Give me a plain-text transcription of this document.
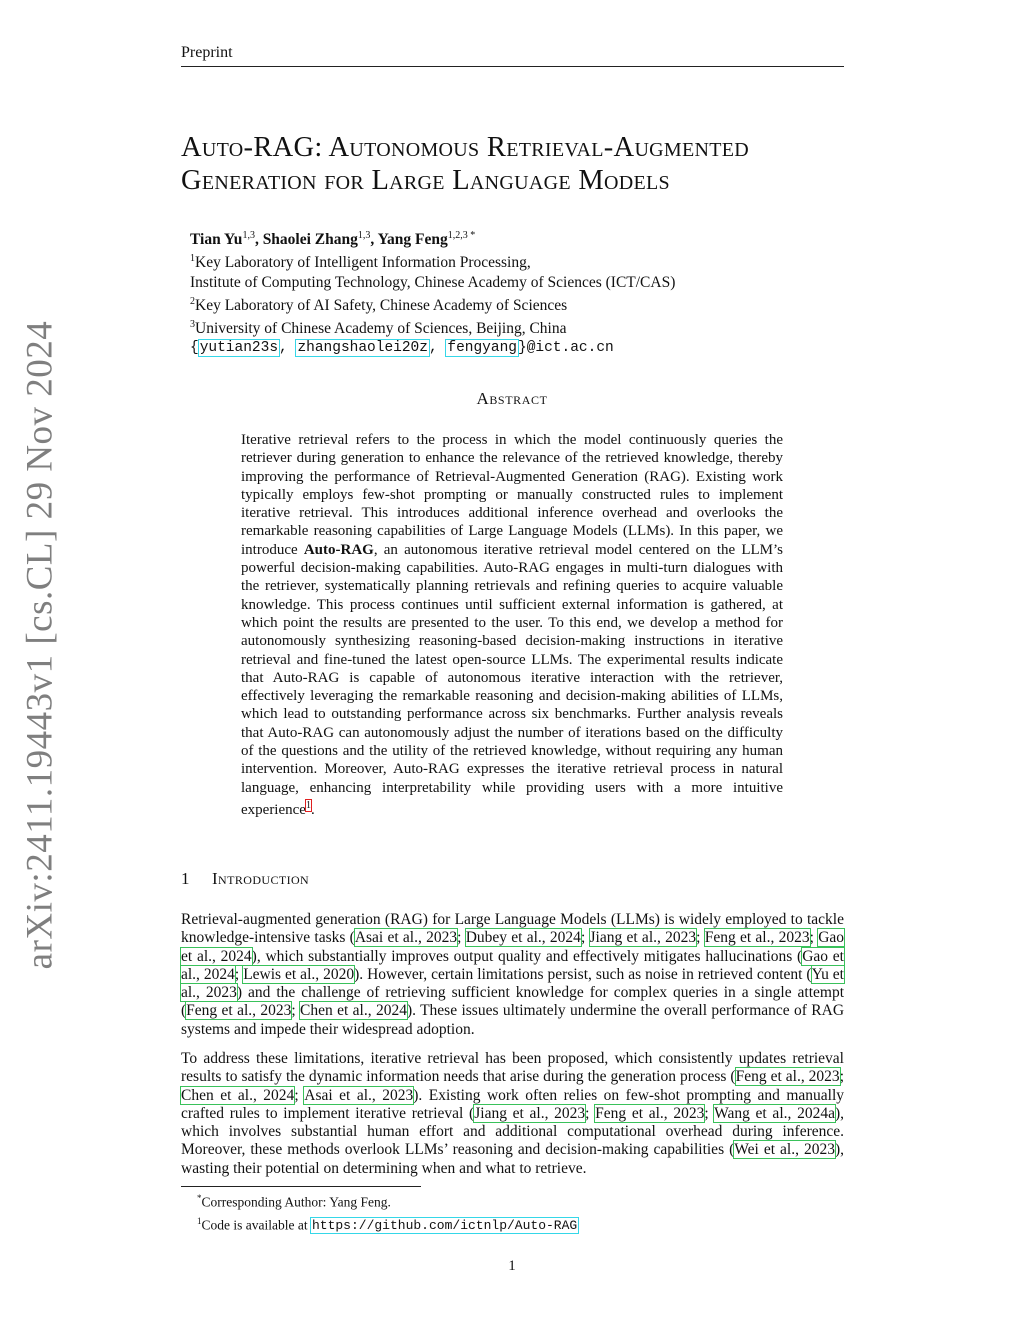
Preprint
arXiv:2411.19443v1 [cs.CL] 29 Nov 2024
Auto-RAG: Autonomous Retrieval-Augmented
Generation for Large Language Models
Tian Yu$^{1,3}$, Shaolei Zhang$^{1,3}$, Yang Feng$^{1,2,3 *}$
$^1$Key Laboratory of Intelligent Information Processing,
Institute of Computing Technology, Chinese Academy of Sciences (ICT/CAS)
$^2$Key Laboratory of AI Safety, Chinese Academy of Sciences
$^3$University of Chinese Academy of Sciences, Beijing, China
{yutian23s, zhangshaolei20z, fengyang}@ict.ac.cn
Abstract
Iterative retrieval refers to the process in which the model continuously queries the retriever during generation to enhance the relevance of the retrieved knowledge, thereby improving the performance of Retrieval-Augmented Generation (RAG). Existing work typically employs few-shot prompting or manually constructed rules to implement iterative retrieval. This introduces additional inference overhead and overlooks the remarkable reasoning capabilities of Large Language Models (LLMs). In this paper, we introduce Auto-RAG, an autonomous iterative retrieval model centered on the LLM’s powerful decision-making capabilities. Auto-RAG engages in multi-turn dialogues with the retriever, systematically planning retrievals and refining queries to acquire valuable knowledge. This process continues until sufficient external information is gathered, at which point the results are presented to the user. To this end, we develop a method for autonomously synthesizing reasoning-based decision-making instructions in iterative retrieval and fine-tuned the latest open-source LLMs. The experimental results indicate that Auto-RAG is capable of autonomous iterative interaction with the retriever, effectively leveraging the remarkable reasoning and decision-making abilities of LLMs, which lead to outstanding performance across six benchmarks. Further analysis reveals that Auto-RAG can autonomously adjust the number of iterations based on the difficulty of the questions and the utility of the retrieved knowledge, without requiring any human intervention. Moreover, Auto-RAG expresses the iterative retrieval process in natural language, enhancing interpretability while providing users with a more intuitive experience$^1$.
1 Introduction
Retrieval-augmented generation (RAG) for Large Language Models (LLMs) is widely employed to tackle knowledge-intensive tasks (Asai et al., 2023; Dubey et al., 2024; Jiang et al., 2023; Feng et al., 2023; Gao et al., 2024), which substantially improves output quality and effectively mitigates hallucinations (Gao et al., 2024; Lewis et al., 2020). However, certain limitations persist, such as noise in retrieved content (Yu et al., 2023) and the challenge of retrieving sufficient knowledge for complex queries in a single attempt (Feng et al., 2023; Chen et al., 2024). These issues ultimately undermine the overall performance of RAG systems and impede their widespread adoption.
To address these limitations, iterative retrieval has been proposed, which consistently updates retrieval results to satisfy the dynamic information needs that arise during the generation process (Feng et al., 2023; Chen et al., 2024; Asai et al., 2023). Existing work often relies on few-shot prompting and manually crafted rules to implement iterative retrieval (Jiang et al., 2023; Feng et al., 2023; Wang et al., 2024a), which involves substantial human effort and additional computational overhead during inference. Moreover, these methods overlook LLMs’ reasoning and decision-making capabilities (Wei et al., 2023), wasting their potential on determining when and what to retrieve.
*Corresponding Author: Yang Feng.
$^1$Code is available at https://github.com/ictnlp/Auto-RAG
1
